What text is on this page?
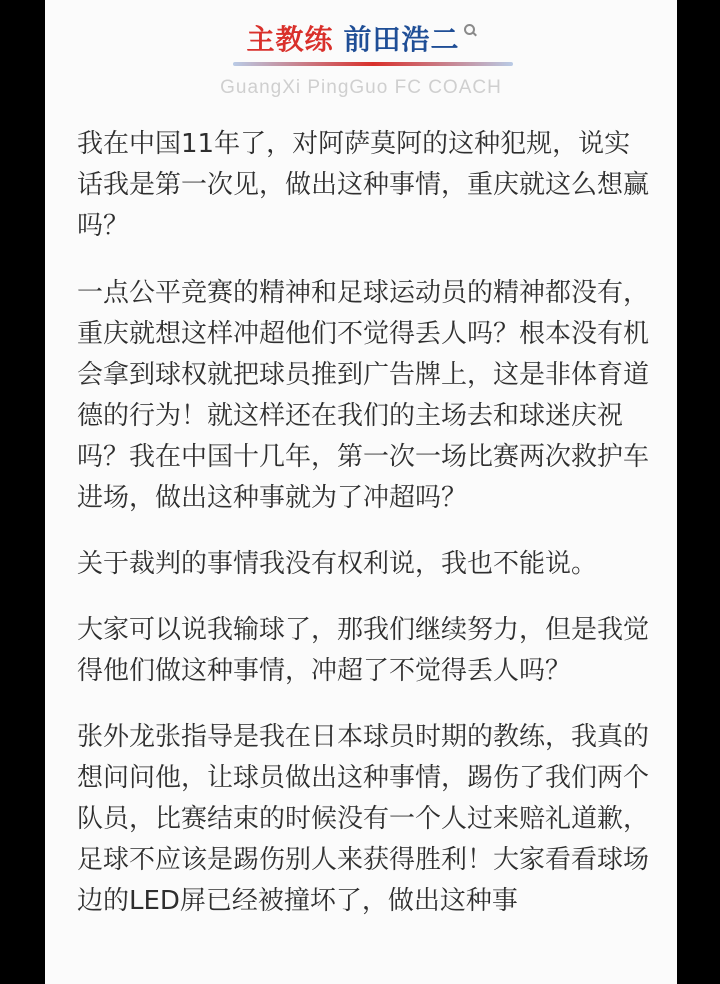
主教练 前田浩二
GuangXi PingGuo FC COACH

我在中国11年了，对阿萨莫阿的这种犯规，说实话我是第一次见，做出这种事情，重庆就这么想赢吗？

一点公平竞赛的精神和足球运动员的精神都没有，重庆就想这样冲超他们不觉得丢人吗？根本没有机会拿到球权就把球员推到广告牌上，这是非体育道德的行为！就这样还在我们的主场去和球迷庆祝吗？我在中国十几年，第一次一场比赛两次救护车进场，做出这种事就为了冲超吗？

关于裁判的事情我没有权利说，我也不能说。

大家可以说我输球了，那我们继续努力，但是我觉得他们做这种事情，冲超了不觉得丢人吗？

张外龙张指导是我在日本球员时期的教练，我真的想问问他，让球员做出这种事情，踢伤了我们两个队员，比赛结束的时候没有一个人过来赔礼道歉，足球不应该是踢伤别人来获得胜利！大家看看球场边的LED屏已经被撞坏了，做出这种事
